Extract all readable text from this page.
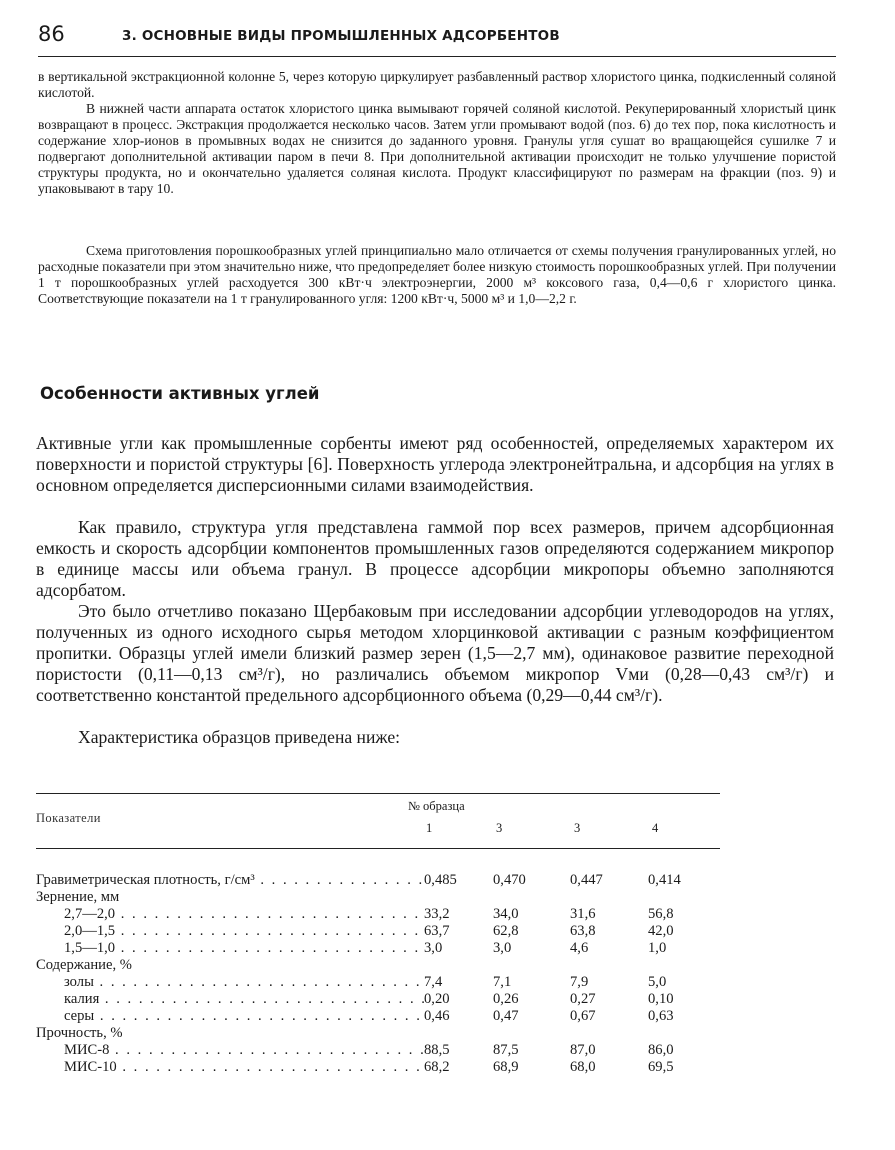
86	3. ОСНОВНЫЕ ВИДЫ ПРОМЫШЛЕННЫХ АДСОРБЕНТОВ

в вертикальной экстракционной колонне 5, через которую циркулирует разбавленный раствор хлористого цинка, подкисленный соляной кислотой.

В нижней части аппарата остаток хлористого цинка вымывают горячей соляной кислотой. Рекуперированный хлористый цинк возвращают в процесс. Экстракция продолжается несколько часов. Затем угли промывают водой (поз. 6) до тех пор, пока кислотность и содержание хлор-ионов в промывных водах не снизится до заданного уровня. Гранулы угля сушат во вращающейся сушилке 7 и подвергают дополнительной активации паром в печи 8. При дополнительной активации происходит не только улучшение пористой структуры продукта, но и окончательно удаляется соляная кислота. Продукт классифицируют по размерам на фракции (поз. 9) и упаковывают в тару 10.

Схема приготовления порошкообразных углей принципиально мало отличается от схемы получения гранулированных углей, но расходные показатели при этом значительно ниже, что предопределяет более низкую стоимость порошкообразных углей. При получении 1 т порошкообразных углей расходуется 300 кВт·ч электроэнергии, 2000 м³ коксового газа, 0,4—0,6 г хлористого цинка. Соответствующие показатели на 1 т гранулированного угля: 1200 кВт·ч, 5000 м³ и 1,0—2,2 г.

Особенности активных углей

Активные угли как промышленные сорбенты имеют ряд особенностей, определяемых характером их поверхности и пористой структуры [6]. Поверхность углерода электронейтральна, и адсорбция на углях в основном определяется дисперсионными силами взаимодействия.

Как правило, структура угля представлена гаммой пор всех размеров, причем адсорбционная емкость и скорость адсорбции компонентов промышленных газов определяются содержанием микропор в единице массы или объема гранул. В процессе адсорбции микропоры объемно заполняются адсорбатом.

Это было отчетливо показано Щербаковым при исследовании адсорбции углеводородов на углях, полученных из одного исходного сырья методом хлорцинковой активации с разным коэффициентом пропитки. Образцы углей имели близкий размер зерен (1,5—2,7 мм), одинаковое развитие переходной пористости (0,11—0,13 см³/г), но различались объемом микропор Vми (0,28—0,43 см³/г) и соответственно константой предельного адсорбционного объема (0,29—0,44 см³/г).

Характеристика образцов приведена ниже:

Показатели
№ образца
1	3	3	4
Гравиметрическая плотность, г/см³ . . .	0,485 0,470	0,447	0,414
Зернение, мм
2,7—2,0 . . .	33,2	34,0	31,6	56,8
2,0—1,5 . . .	63,7	62,8	63,8	42,0
1,5—1,0 . . .	3,0	3,0	4,6	1,0
Содержание, %
золы . . .	7,4	7,1	7,9	5,0
калия . . .	0,20	0,26	0,27	0,10
серы . . .	0,46	0,47	0,67	0,63
Прочность, %
МИС-8 . . .	88,5	87,5	87,0	86,0
МИС-10 . . .	68,2	68,9	68,0	69,5
